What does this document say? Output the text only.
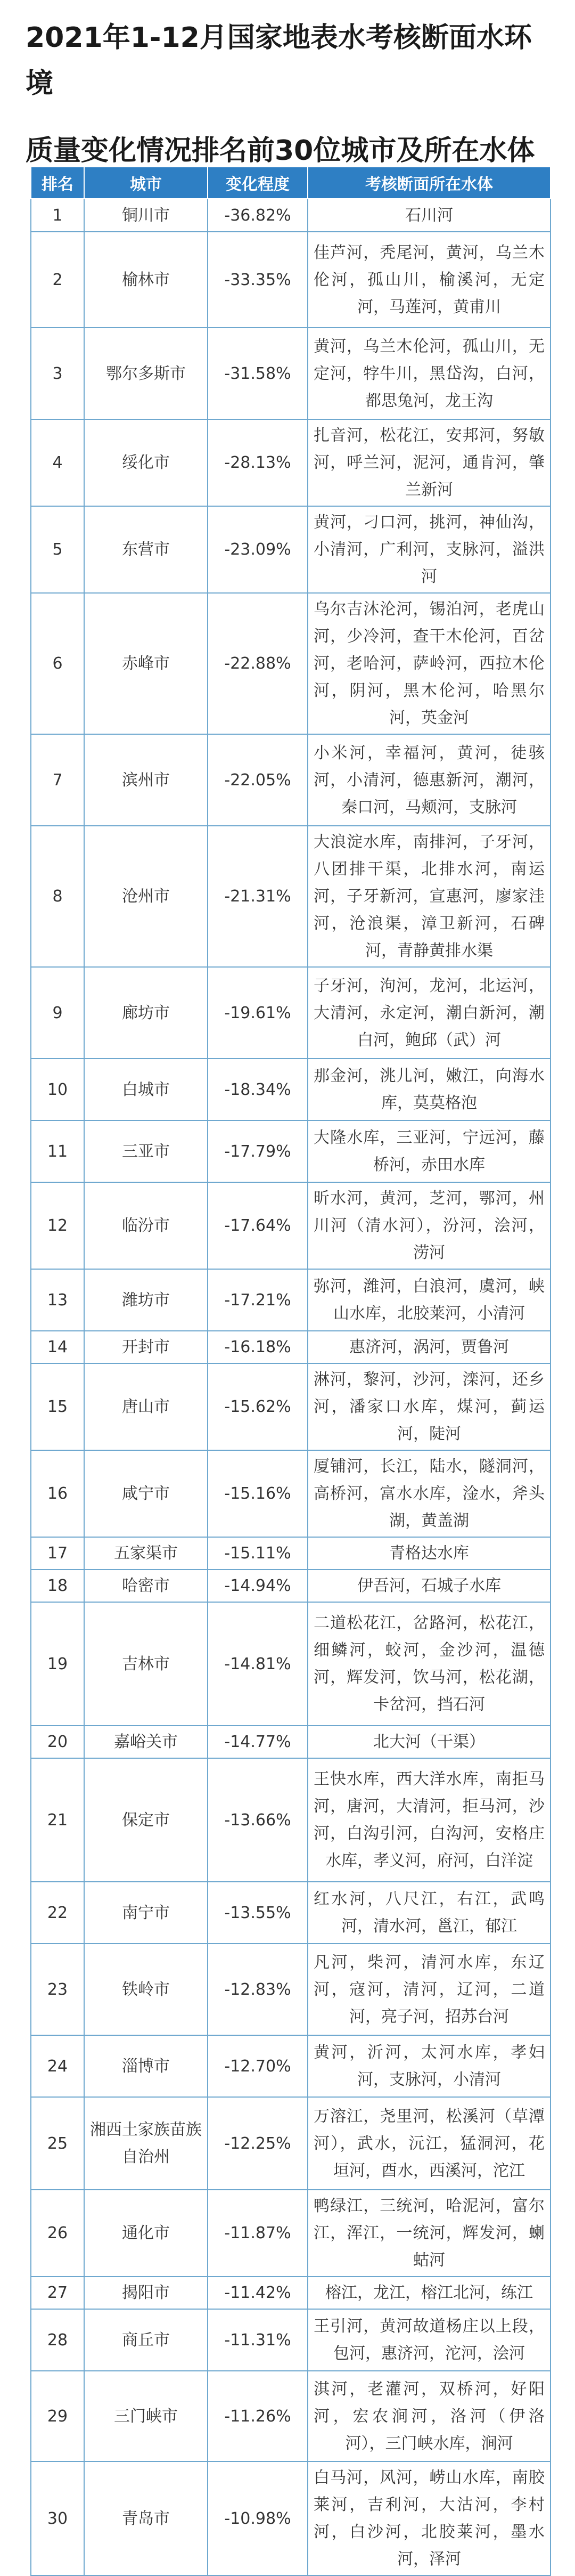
2021年1-12月国家地表水考核断面水环境
质量变化情况排名前30位城市及所在水体
排名	城市	变化程度	考核断面所在水体
1	铜川市	-36.82%	石川河
2	榆林市	-33.35%	佳芦河，秃尾河，黄河，乌兰木伦河，孤山川，榆溪河，无定河，马莲河，黄甫川
3	鄂尔多斯市	-31.58%	黄河，乌兰木伦河，孤山川，无定河，牸牛川，黑岱沟，白河，都思兔河，龙王沟
4	绥化市	-28.13%	扎音河，松花江，安邦河，努敏河，呼兰河，泥河，通肯河，肇兰新河
5	东营市	-23.09%	黄河，刁口河，挑河，神仙沟，小清河，广利河，支脉河，溢洪河
6	赤峰市	-22.88%	乌尔吉沐沦河，锡泊河，老虎山河，少冷河，查干木伦河，百岔河，老哈河，萨岭河，西拉木伦河，阴河，黑木伦河，哈黑尔河，英金河
7	滨州市	-22.05%	小米河，幸福河，黄河，徒骇河，小清河，德惠新河，潮河，秦口河，马颊河，支脉河
8	沧州市	-21.31%	大浪淀水库，南排河，子牙河，八团排干渠，北排水河，南运河，子牙新河，宣惠河，廖家洼河，沧浪渠，漳卫新河，石碑河，青静黄排水渠
9	廊坊市	-19.61%	子牙河，泃河，龙河，北运河，大清河，永定河，潮白新河，潮白河，鲍邱（武）河
10	白城市	-18.34%	那金河，洮儿河，嫩江，向海水库，莫莫格泡
11	三亚市	-17.79%	大隆水库，三亚河，宁远河，藤桥河，赤田水库
12	临汾市	-17.64%	昕水河，黄河，芝河，鄂河，州川河（清水河），汾河，浍河，涝河
13	潍坊市	-17.21%	弥河，潍河，白浪河，虞河，峡山水库，北胶莱河，小清河
14	开封市	-16.18%	惠济河，涡河，贾鲁河
15	唐山市	-15.62%	淋河，黎河，沙河，滦河，还乡河，潘家口水库，煤河，蓟运河，陡河
16	咸宁市	-15.16%	厦铺河，长江，陆水，隧洞河，高桥河，富水水库，淦水，斧头湖，黄盖湖
17	五家渠市	-15.11%	青格达水库
18	哈密市	-14.94%	伊吾河，石城子水库
19	吉林市	-14.81%	二道松花江，岔路河，松花江，细鳞河，蛟河，金沙河，温德河，辉发河，饮马河，松花湖，卡岔河，挡石河
20	嘉峪关市	-14.77%	北大河（干渠）
21	保定市	-13.66%	王快水库，西大洋水库，南拒马河，唐河，大清河，拒马河，沙河，白沟引河，白沟河，安格庄水库，孝义河，府河，白洋淀
22	南宁市	-13.55%	红水河，八尺江，右江，武鸣河，清水河，邕江，郁江
23	铁岭市	-12.83%	凡河，柴河，清河水库，东辽河，寇河，清河，辽河，二道河，亮子河，招苏台河
24	淄博市	-12.70%	黄河，沂河，太河水库，孝妇河，支脉河，小清河
25	湘西土家族苗族自治州	-12.25%	万溶江，尧里河，松溪河（草潭河），武水，沅江，猛洞河，花垣河，酉水，西溪河，沱江
26	通化市	-11.87%	鸭绿江，三统河，哈泥河，富尔江，浑江，一统河，辉发河，蝲蛄河
27	揭阳市	-11.42%	榕江，龙江，榕江北河，练江
28	商丘市	-11.31%	王引河，黄河故道杨庄以上段，包河，惠济河，沱河，浍河
29	三门峡市	-11.26%	淇河，老灌河，双桥河，好阳河，宏农涧河，洛河（伊洛河），三门峡水库，涧河
30	青岛市	-10.98%	白马河，风河，崂山水库，南胶莱河，吉利河，大沽河，李村河，白沙河，北胶莱河，墨水河，泽河
